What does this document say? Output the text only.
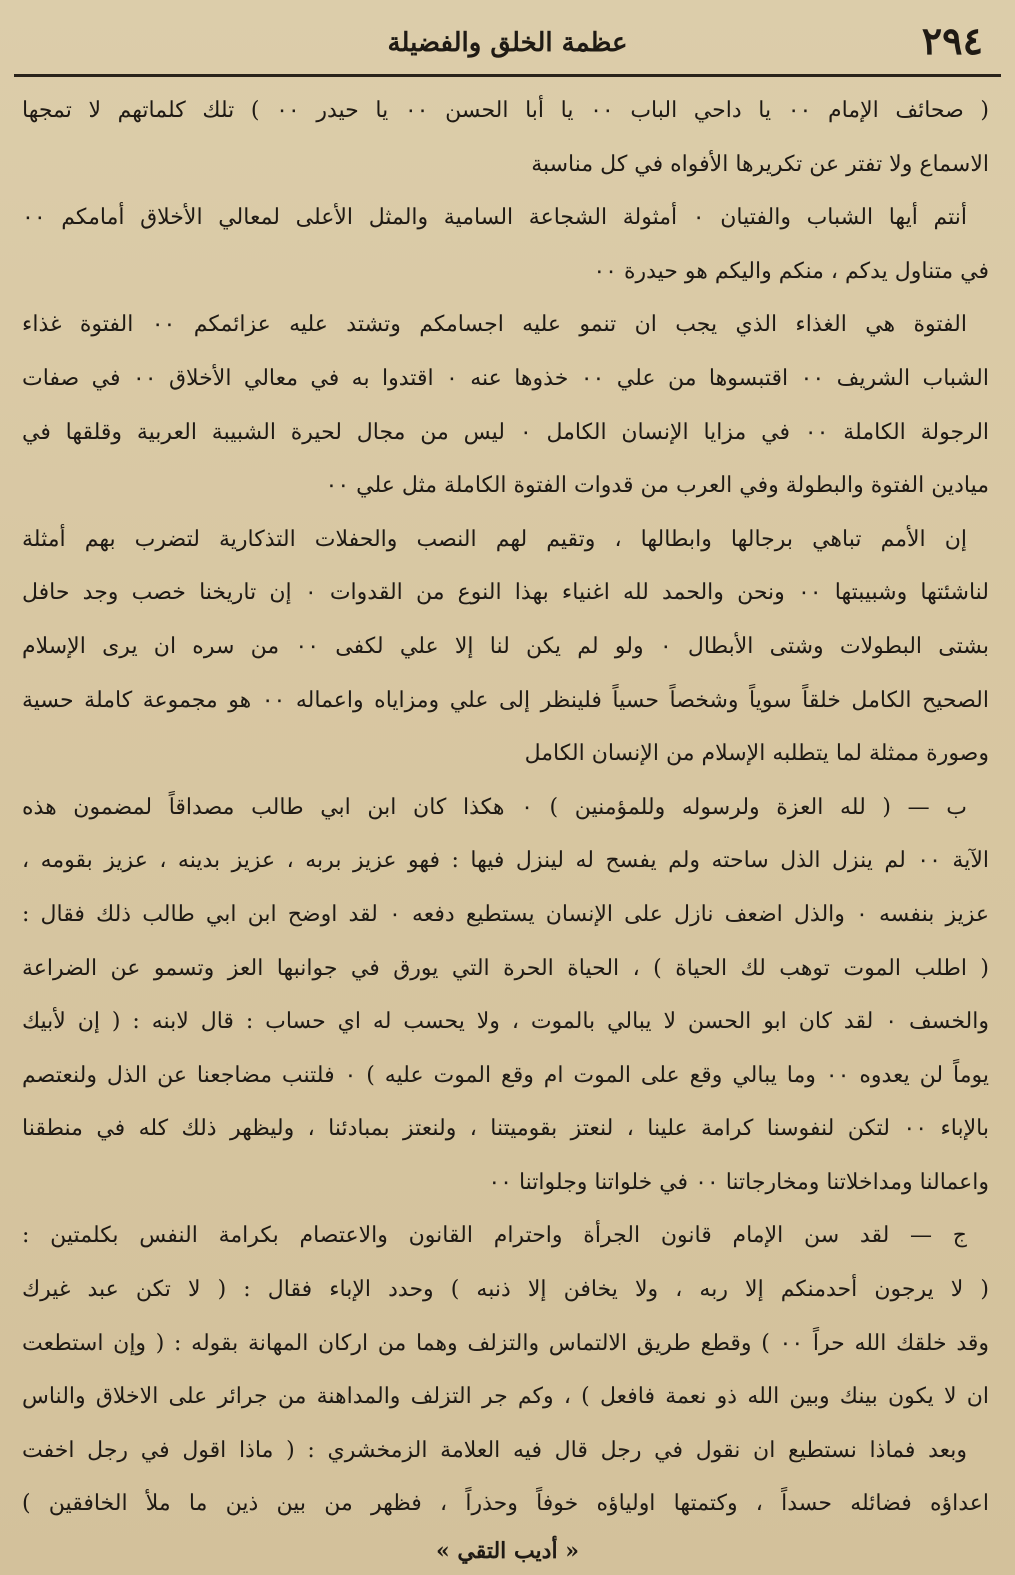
٢٩٤
عظمة الخلق والفضيلة
( صحائف الإمام ٠٠ يا داحي الباب ٠٠ يا أبا الحسن ٠٠ يا حيدر ٠٠ ) تلك كلماتهم لا تمجها
الاسماع ولا تفتر عن تكريرها الأفواه في كل مناسبة
أنتم أيها الشباب والفتيان ٠ أمثولة الشجاعة السامية والمثل الأعلى لمعالي الأخلاق أمامكم ٠٠
في متناول يدكم ، منكم واليكم هو حيدرة ٠٠
الفتوة هي الغذاء الذي يجب ان تنمو عليه اجسامكم وتشتد عليه عزائمكم ٠٠ الفتوة غذاء
الشباب الشريف ٠٠ اقتبسوها من علي ٠٠ خذوها عنه ٠ اقتدوا به في معالي الأخلاق ٠٠ في صفات
الرجولة الكاملة ٠٠ في مزايا الإنسان الكامل ٠ ليس من مجال لحيرة الشبيبة العربية وقلقها في
ميادين الفتوة والبطولة وفي العرب من قدوات الفتوة الكاملة مثل علي ٠٠
إن الأمم تباهي برجالها وابطالها ، وتقيم لهم النصب والحفلات التذكارية لتضرب بهم أمثلة
لناشئتها وشبيبتها ٠٠ ونحن والحمد لله اغنياء بهذا النوع من القدوات ٠ إن تاريخنا خصب وجد حافل
بشتى البطولات وشتى الأبطال ٠ ولو لم يكن لنا إلا علي لكفى ٠٠ من سره ان يرى الإسلام
الصحيح الكامل خلقاً سوياً وشخصاً حسياً فلينظر إلى علي ومزاياه واعماله ٠٠ هو مجموعة كاملة حسية
وصورة ممثلة لما يتطلبه الإسلام من الإنسان الكامل
ب — ( لله العزة ولرسوله وللمؤمنين ) ٠ هكذا كان ابن ابي طالب مصداقاً لمضمون هذه
الآية ٠٠ لم ينزل الذل ساحته ولم يفسح له لينزل فيها : فهو عزيز بربه ، عزيز بدينه ، عزيز بقومه ،
عزيز بنفسه ٠ والذل اضعف نازل على الإنسان يستطيع دفعه ٠ لقد اوضح ابن ابي طالب ذلك فقال :
( اطلب الموت توهب لك الحياة ) ، الحياة الحرة التي يورق في جوانبها العز وتسمو عن الضراعة
والخسف ٠ لقد كان ابو الحسن لا يبالي بالموت ، ولا يحسب له اي حساب : قال لابنه : ( إن لأبيك
يوماً لن يعدوه ٠٠ وما يبالي وقع على الموت ام وقع الموت عليه ) ٠ فلتنب مضاجعنا عن الذل ولنعتصم
بالإباء ٠٠ لتكن لنفوسنا كرامة علينا ، لنعتز بقوميتنا ، ولنعتز بمبادئنا ، وليظهر ذلك كله في منطقنا
واعمالنا ومداخلاتنا ومخارجاتنا ٠٠ في خلواتنا وجلواتنا ٠٠
ج — لقد سن الإمام قانون الجرأة واحترام القانون والاعتصام بكرامة النفس بكلمتين :
( لا يرجون أحدمنكم إلا ربه ، ولا يخافن إلا ذنبه ) وحدد الإباء فقال : ( لا تكن عبد غيرك
وقد خلقك الله حراً ٠٠ ) وقطع طريق الالتماس والتزلف وهما من اركان المهانة بقوله : ( وإن استطعت
ان لا يكون بينك وبين الله ذو نعمة فافعل ) ، وكم جر التزلف والمداهنة من جرائر على الاخلاق والناس
وبعد فماذا نستطيع ان نقول في رجل قال فيه العلامة الزمخشري : ( ماذا اقول في رجل اخفت
اعداؤه فضائله حسداً ، وكتمتها اولياؤه خوفاً وحذراً ، فظهر من بين ذين ما ملأ الخافقين )
« أديب التقي »
